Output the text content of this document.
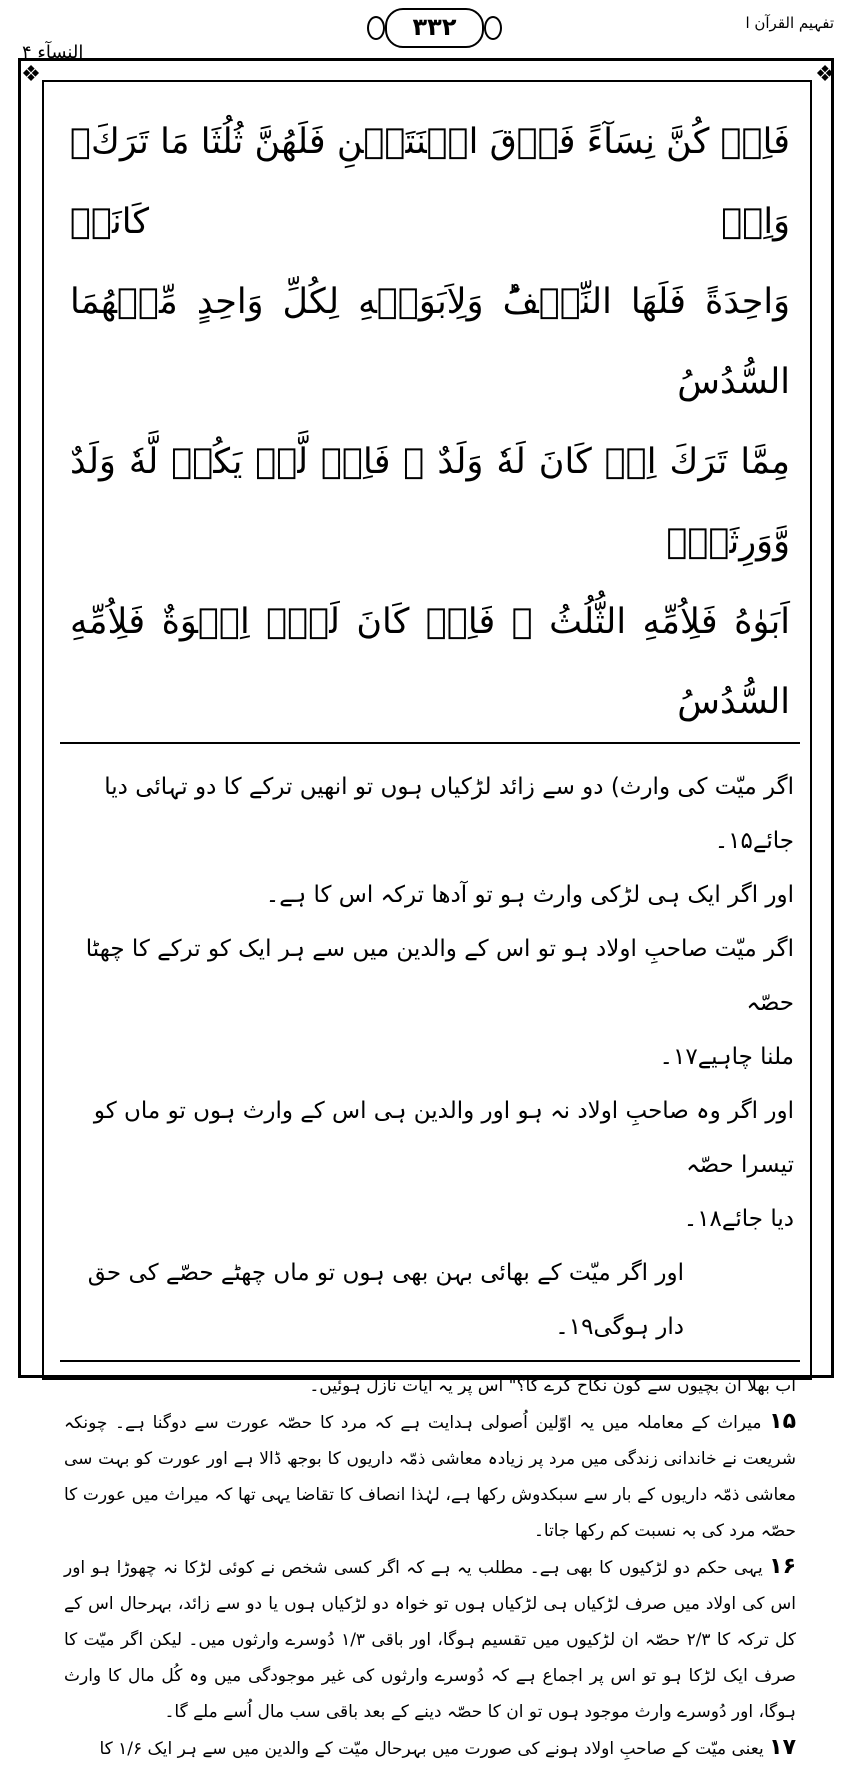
النسآء ۴
۳۳۲	تفہیم القرآن ا
❖	❖

فَاِنۡ کُنَّ نِسَآءً فَوۡقَ اثۡنَتَيۡنِ فَلَهُنَّ ثُلُثَا مَا تَرَكَ‌ۚ وَاِنۡ كَانَتۡ

وَاحِدَةً فَلَهَا النِّصۡفُ‌ؕ وَلِاَبَوَيۡهِ لِكُلِّ وَاحِدٍ مِّنۡهُمَا السُّدُسُ

مِمَّا تَرَكَ اِنۡ كَانَ لَهٗ وَلَدٌ‌ ۚ فَاِنۡ لَّمۡ يَكُنۡ لَّهٗ وَلَدٌ وَّوَرِثَهٗۤ

اَبَوٰهُ فَلِاُمِّهِ الثُّلُثُ‌ ۚ فَاِنۡ كَانَ لَهٗۤ اِخۡوَةٌ فَلِاُمِّهِ السُّدُسُ

اگر میّت کی وارث) دو سے زائد لڑکیاں ہوں تو انھیں ترکے کا دو تہائی دیا جائے۱۵۔

اور اگر ایک ہی لڑکی وارث ہو تو آدھا ترکہ اس کا ہے۔

اگر میّت صاحبِ اولاد ہو تو اس کے والدین میں سے ہر ایک کو ترکے کا چھٹا حصّہ

ملنا چاہیے۱۷۔

اور اگر وہ صاحبِ اولاد نہ ہو اور والدین ہی اس کے وارث ہوں تو ماں کو تیسرا حصّہ

دیا جائے۱۸۔

اور اگر میّت کے بھائی بہن بھی ہوں تو ماں چھٹے حصّے کی حق دار ہوگی۱۹۔

اب بھلا ان بچیوں سے کون نکاح کرے گا؟" اس پر یہ آیات نازل ہوئیں۔

۱۵ میراث کے معاملہ میں یہ اوّلین اُصولی ہدایت ہے کہ مرد کا حصّہ عورت سے دوگنا ہے۔ چونکہ شریعت نے خاندانی زندگی میں مرد پر زیادہ معاشی ذمّہ داریوں کا بوجھ ڈالا ہے اور عورت کو بہت سی معاشی ذمّہ داریوں کے بار سے سبکدوش رکھا ہے، لہٰذا انصاف کا تقاضا یہی تھا کہ میراث میں عورت کا حصّہ مرد کی بہ نسبت کم رکھا جاتا۔

۱۶ یہی حکم دو لڑکیوں کا بھی ہے۔ مطلب یہ ہے کہ اگر کسی شخص نے کوئی لڑکا نہ چھوڑا ہو اور اس کی اولاد میں صرف لڑکیاں ہی لڑکیاں ہوں تو خواہ دو لڑکیاں ہوں یا دو سے زائد، بہرحال اس کے کل ترکہ کا ۲/۳ حصّہ ان لڑکیوں میں تقسیم ہوگا، اور باقی ۱/۳ دُوسرے وارثوں میں۔ لیکن اگر میّت کا صرف ایک لڑکا ہو تو اس پر اجماع ہے کہ دُوسرے وارثوں کی غیر موجودگی میں وہ کُل مال کا وارث ہوگا، اور دُوسرے وارث موجود ہوں تو ان کا حصّہ دینے کے بعد باقی سب مال اُسے ملے گا۔

۱۷ یعنی میّت کے صاحبِ اولاد ہونے کی صورت میں بہرحال میّت کے والدین میں سے ہر ایک ۱/۶ کا
